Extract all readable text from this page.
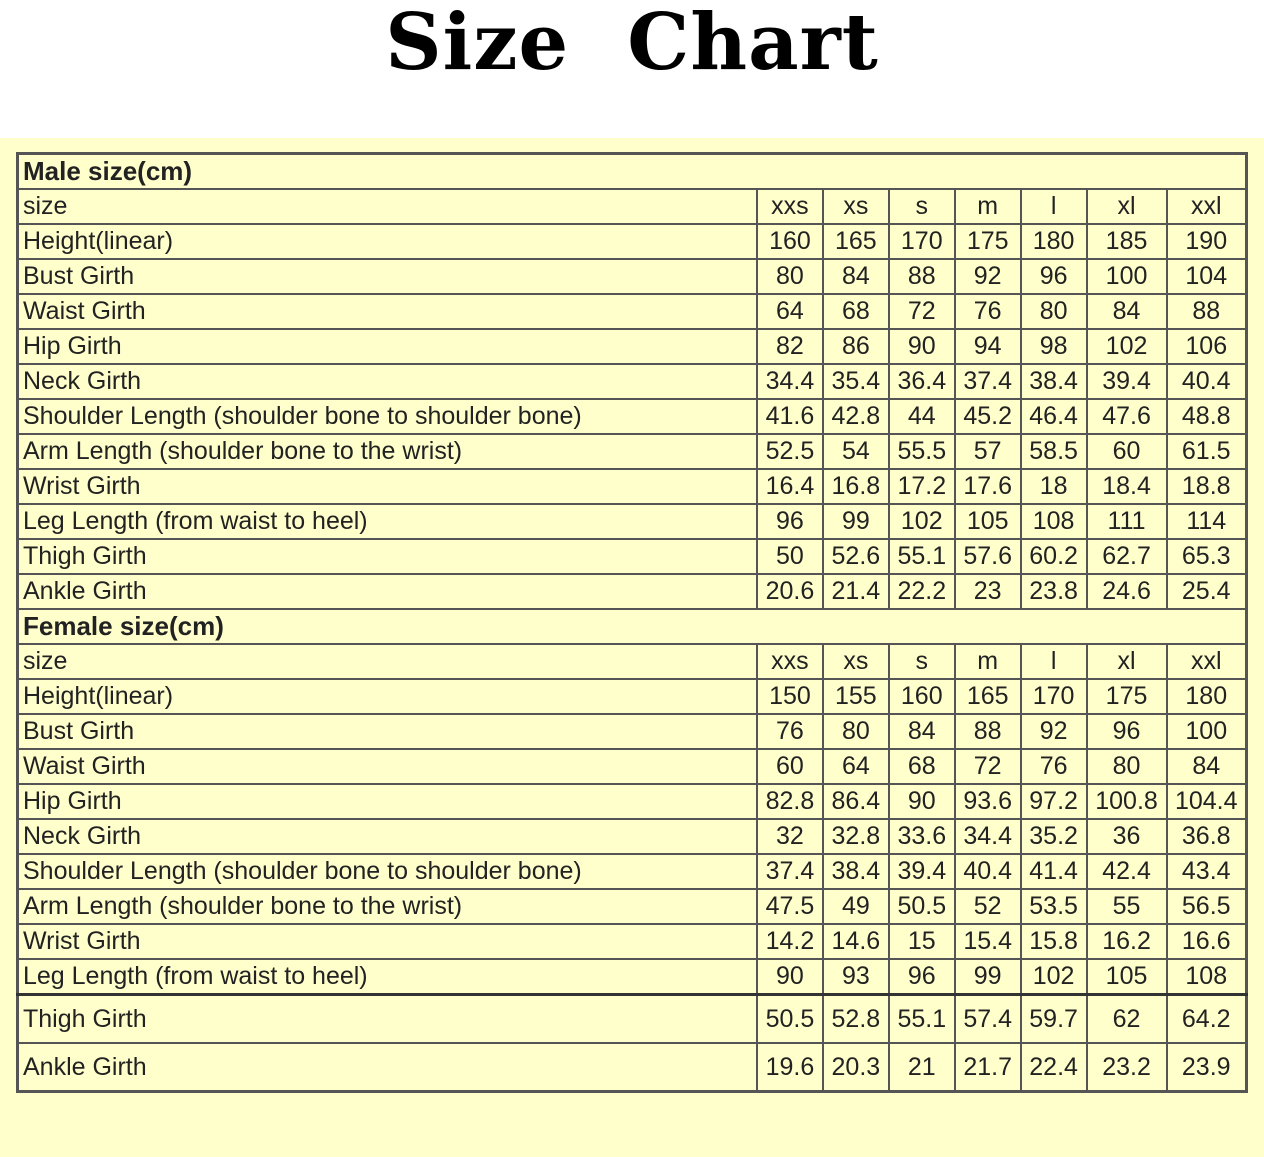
Size Chart
Male size(cm)							
size	xxs	xs	s	m	l	xl	xxl
Height(linear)	160	165	170	175	180	185	190
Bust Girth	80	84	88	92	96	100	104
Waist Girth	64	68	72	76	80	84	88
Hip Girth	82	86	90	94	98	102	106
Neck Girth	34.4	35.4	36.4	37.4	38.4	39.4	40.4
Shoulder Length (shoulder bone to shoulder bone)	41.6	42.8	44	45.2	46.4	47.6	48.8
Arm Length (shoulder bone to the wrist)	52.5	54	55.5	57	58.5	60	61.5
Wrist Girth	16.4	16.8	17.2	17.6	18	18.4	18.8
Leg Length (from waist to heel)	96	99	102	105	108	111	114
Thigh Girth	50	52.6	55.1	57.6	60.2	62.7	65.3
Ankle Girth	20.6	21.4	22.2	23	23.8	24.6	25.4
Female size(cm)							
size	xxs	xs	s	m	l	xl	xxl
Height(linear)	150	155	160	165	170	175	180
Bust Girth	76	80	84	88	92	96	100
Waist Girth	60	64	68	72	76	80	84
Hip Girth	82.8	86.4	90	93.6	97.2	100.8	104.4
Neck Girth	32	32.8	33.6	34.4	35.2	36	36.8
Shoulder Length (shoulder bone to shoulder bone)	37.4	38.4	39.4	40.4	41.4	42.4	43.4
Arm Length (shoulder bone to the wrist)	47.5	49	50.5	52	53.5	55	56.5
Wrist Girth	14.2	14.6	15	15.4	15.8	16.2	16.6
Leg Length (from waist to heel)	90	93	96	99	102	105	108
Thigh Girth	50.5	52.8	55.1	57.4	59.7	62	64.2
Ankle Girth	19.6	20.3	21	21.7	22.4	23.2	23.9
